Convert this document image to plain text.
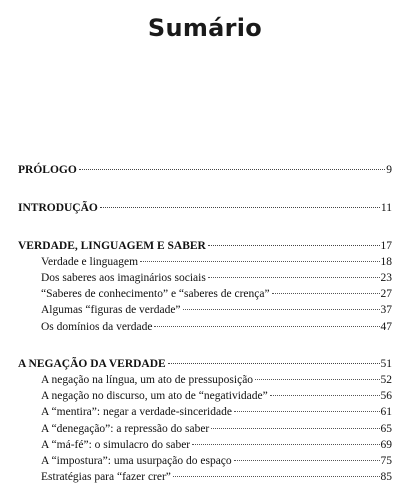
Sumário
PRÓLOGO	9
INTRODUÇÃO	11
VERDADE, LINGUAGEM E SABER	17
Verdade e linguagem	18
Dos saberes aos imaginários sociais	23
“Saberes de conhecimento” e “saberes de crença”	27
Algumas “figuras de verdade”	37
Os domínios da verdade	47
A NEGAÇÃO DA VERDADE	51
A negação na língua, um ato de pressuposição	52
A negação no discurso, um ato de “negatividade”	56
A “mentira”: negar a verdade-sinceridade	61
A “denegação”: a repressão do saber	65
A “má-fé”: o simulacro do saber	69
A “impostura”: uma usurpação do espaço	75
Estratégias para “fazer crer”	85
